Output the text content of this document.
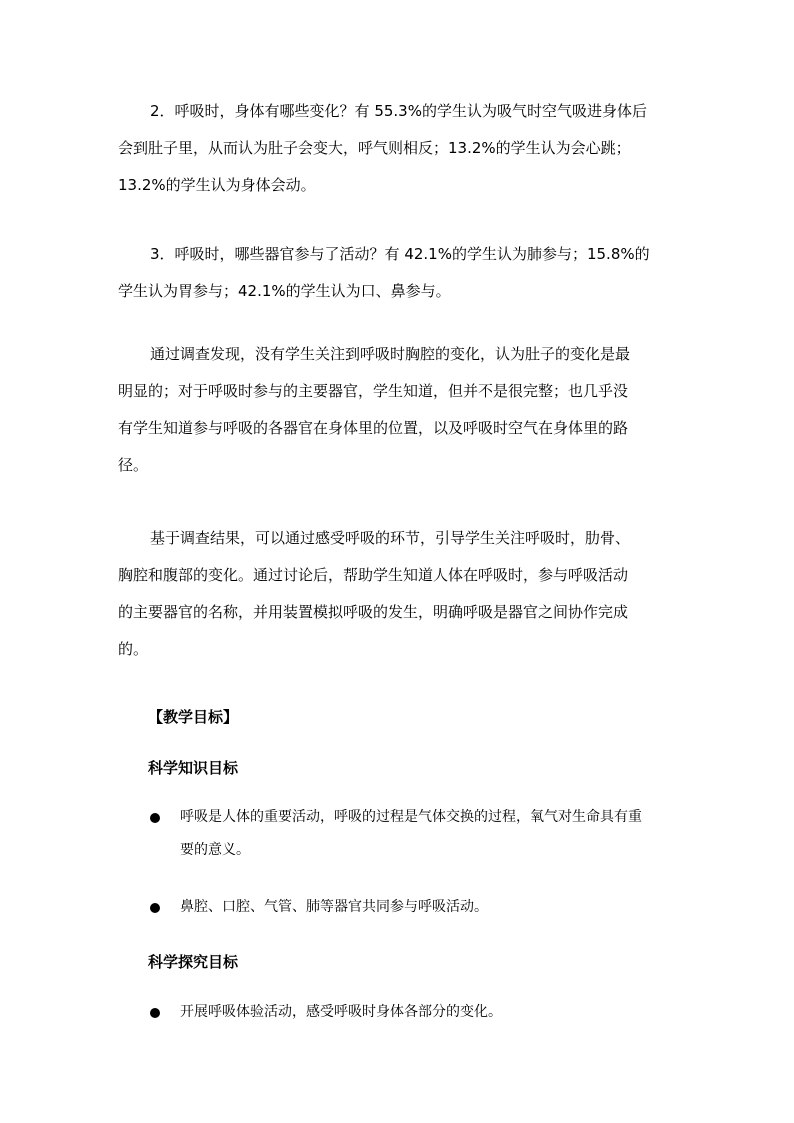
2．呼吸时，身体有哪些变化？有 55.3%的学生认为吸气时空气吸进身体后
会到肚子里，从而认为肚子会变大，呼气则相反；13.2%的学生认为会心跳；
13.2%的学生认为身体会动。
3．呼吸时，哪些器官参与了活动？有 42.1%的学生认为肺参与；15.8%的
学生认为胃参与；42.1%的学生认为口、鼻参与。
通过调查发现，没有学生关注到呼吸时胸腔的变化，认为肚子的变化是最
明显的；对于呼吸时参与的主要器官，学生知道，但并不是很完整；也几乎没
有学生知道参与呼吸的各器官在身体里的位置，以及呼吸时空气在身体里的路
径。
基于调查结果，可以通过感受呼吸的环节，引导学生关注呼吸时，肋骨、
胸腔和腹部的变化。通过讨论后，帮助学生知道人体在呼吸时，参与呼吸活动
的主要器官的名称，并用装置模拟呼吸的发生，明确呼吸是器官之间协作完成
的。

【教学目标】

科学知识目标

呼吸是人体的重要活动，呼吸的过程是气体交换的过程，氧气对生命具有重
要的意义。
鼻腔、口腔、气管、肺等器官共同参与呼吸活动。

科学探究目标

开展呼吸体验活动，感受呼吸时身体各部分的变化。
